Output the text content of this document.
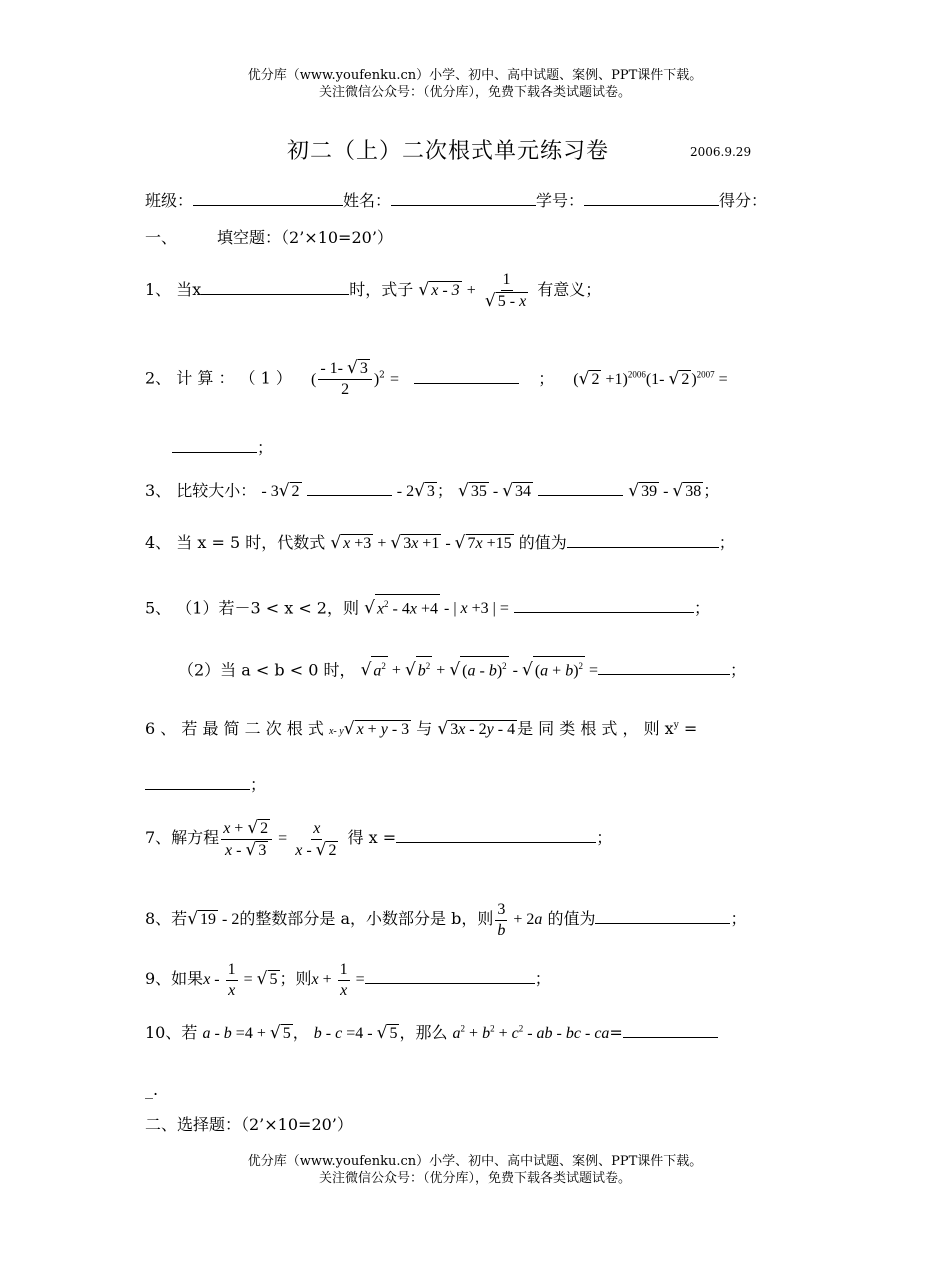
优分库（www.youfenku.cn）小学、初中、高中试题、案例、PPT课件下载。
关注微信公众号：（优分库），免费下载各类试题试卷。
初二（上）二次根式单元练习卷	2006.9.29
班级：	姓名：	学号：	得分：
一、	填空题：（2’×10=20’）
1、 当x	时，式子 √ $x - 3 + \frac{1}{√ 5 - x}$ 有意义；
2、 计 算 ： （ 1 ） ( $\frac{- 1- √ 3}{2} )^2$ =	； (√ 2 +1)$^{2006}$(1- √ 2 )$^{2007}$ =
；
3、 比较大小： - 3√ 2	- 2√ 3 ； √ 35 - √ 34	√ 39 - √ 38 ；
4、 当 x = 5 时，代数式 √ x +3 + √ 3x +1 - √ 7x +15 的值为	；
5、 （1）若－3 < x < 2，则 √ $x^2 - 4x +4$ - | x +3 | =	；
（2）当 a < b < 0 时， √ $a^2$ + √ $b^2$ + √ (a - b)$^2$ - √ $(a + b)^2$ =	；
6 、 若 最 简 二 次 根 式 x- y√ x + y - 3 与 √ 3x - 2y - 4 是 同 类 根 式 ， 则 $x^y$ =
；
7、解方程 $\frac{x + √ 2}{x - √ 3} = \frac{x}{x - √ 2}$ 得 x =	；
8、若√ 19 - 2的整数部分是 a，小数部分是 b，则 $\frac{3}{b} + 2a$ 的值为	；
9、如果x - $\frac{1}{x}$ = √ 5 ；则$x + \frac{1}{x}$ =	；
10、若 a - b =4 + √ 5 ， b - c =4 - √ 5 ，那么 $a^2 + b^2 + c^2$ - ab - bc - ca=
_.
二、选择题：（2’×10=20’）
优分库（www.youfenku.cn）小学、初中、高中试题、案例、PPT课件下载。
关注微信公众号：（优分库），免费下载各类试题试卷。
